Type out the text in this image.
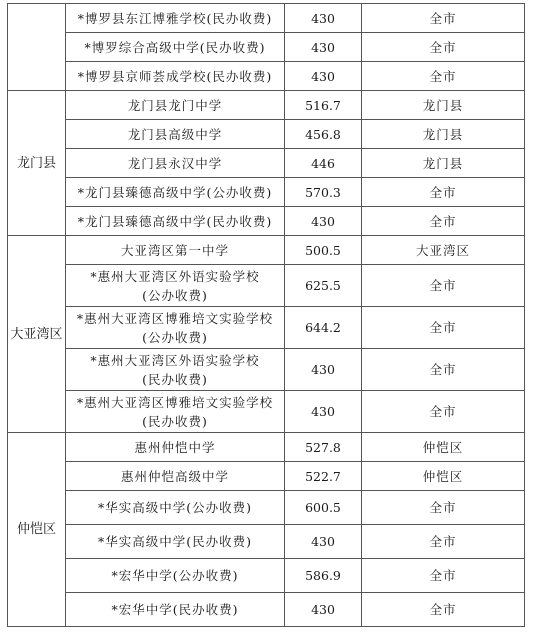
	*博罗县东江博雅学校(民办收费)	430	全市

	*博罗综合高级中学(民办收费)	430	全市

	*博罗县京师荟成学校(民办收费)	430	全市
龙门县	龙门县龙门中学	516.7	龙门县

	龙门县高级中学	456.8	龙门县

	龙门县永汉中学	446	龙门县

	*龙门县臻德高级中学(公办收费)	570.3	全市

	*龙门县臻德高级中学(民办收费)	430	全市
大亚湾区	大亚湾区第一中学	500.5	大亚湾区

	*惠州大亚湾区外语实验学校
(公办收费)	625.5	全市

	*惠州大亚湾区博雅培文实验学校
(公办收费)	644.2	全市

	*惠州大亚湾区外语实验学校
(民办收费)	430	全市

	*惠州大亚湾区博雅培文实验学校
(民办收费)	430	全市
仲恺区	惠州仲恺中学	527.8	仲恺区

	惠州仲恺高级中学	522.7	仲恺区

	*华实高级中学(公办收费)	600.5	全市

	*华实高级中学(民办收费)	430	全市

	*宏华中学(公办收费)	586.9	全市

	*宏华中学(民办收费)	430	全市
